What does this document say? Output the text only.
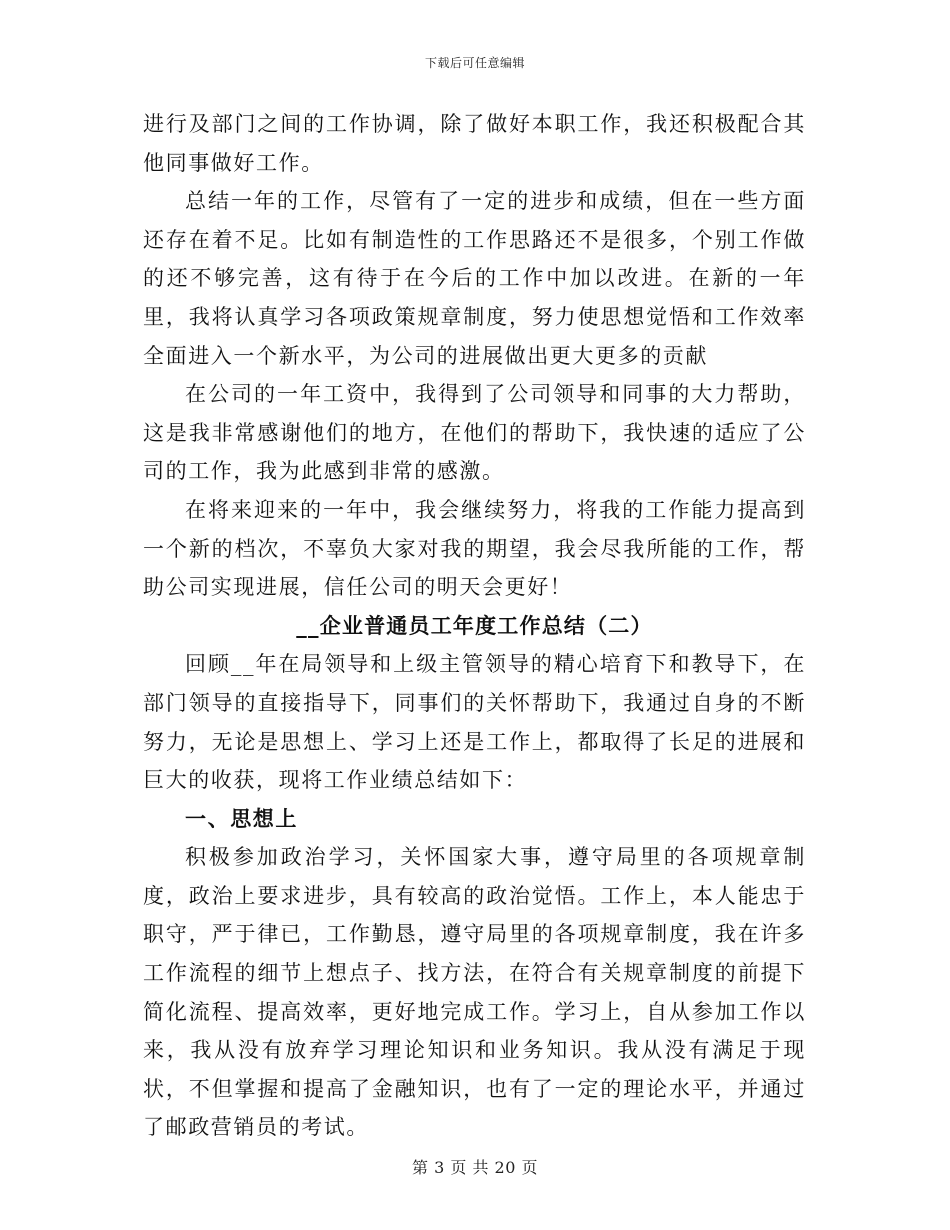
下载后可任意编辑

进行及部门之间的工作协调，除了做好本职工作，我还积极配合其他同事做好工作。

总结一年的工作，尽管有了一定的进步和成绩，但在一些方面还存在着不足。比如有制造性的工作思路还不是很多，个别工作做的还不够完善，这有待于在今后的工作中加以改进。在新的一年里，我将认真学习各项政策规章制度，努力使思想觉悟和工作效率全面进入一个新水平，为公司的进展做出更大更多的贡献

在公司的一年工资中，我得到了公司领导和同事的大力帮助，这是我非常感谢他们的地方，在他们的帮助下，我快速的适应了公司的工作，我为此感到非常的感激。

在将来迎来的一年中，我会继续努力，将我的工作能力提高到一个新的档次，不辜负大家对我的期望，我会尽我所能的工作，帮助公司实现进展，信任公司的明天会更好！

__企业普通员工年度工作总结（二）

回顾__年在局领导和上级主管领导的精心培育下和教导下，在部门领导的直接指导下，同事们的关怀帮助下，我通过自身的不断努力，无论是思想上、学习上还是工作上，都取得了长足的进展和巨大的收获，现将工作业绩总结如下：

一、思想上

积极参加政治学习，关怀国家大事，遵守局里的各项规章制度，政治上要求进步，具有较高的政治觉悟。工作上，本人能忠于职守，严于律已，工作勤恳，遵守局里的各项规章制度，我在许多工作流程的细节上想点子、找方法，在符合有关规章制度的前提下简化流程、提高效率，更好地完成工作。学习上，自从参加工作以来，我从没有放弃学习理论知识和业务知识。我从没有满足于现状，不但掌握和提高了金融知识，也有了一定的理论水平，并通过了邮政营销员的考试。

第 3 页 共 20 页
